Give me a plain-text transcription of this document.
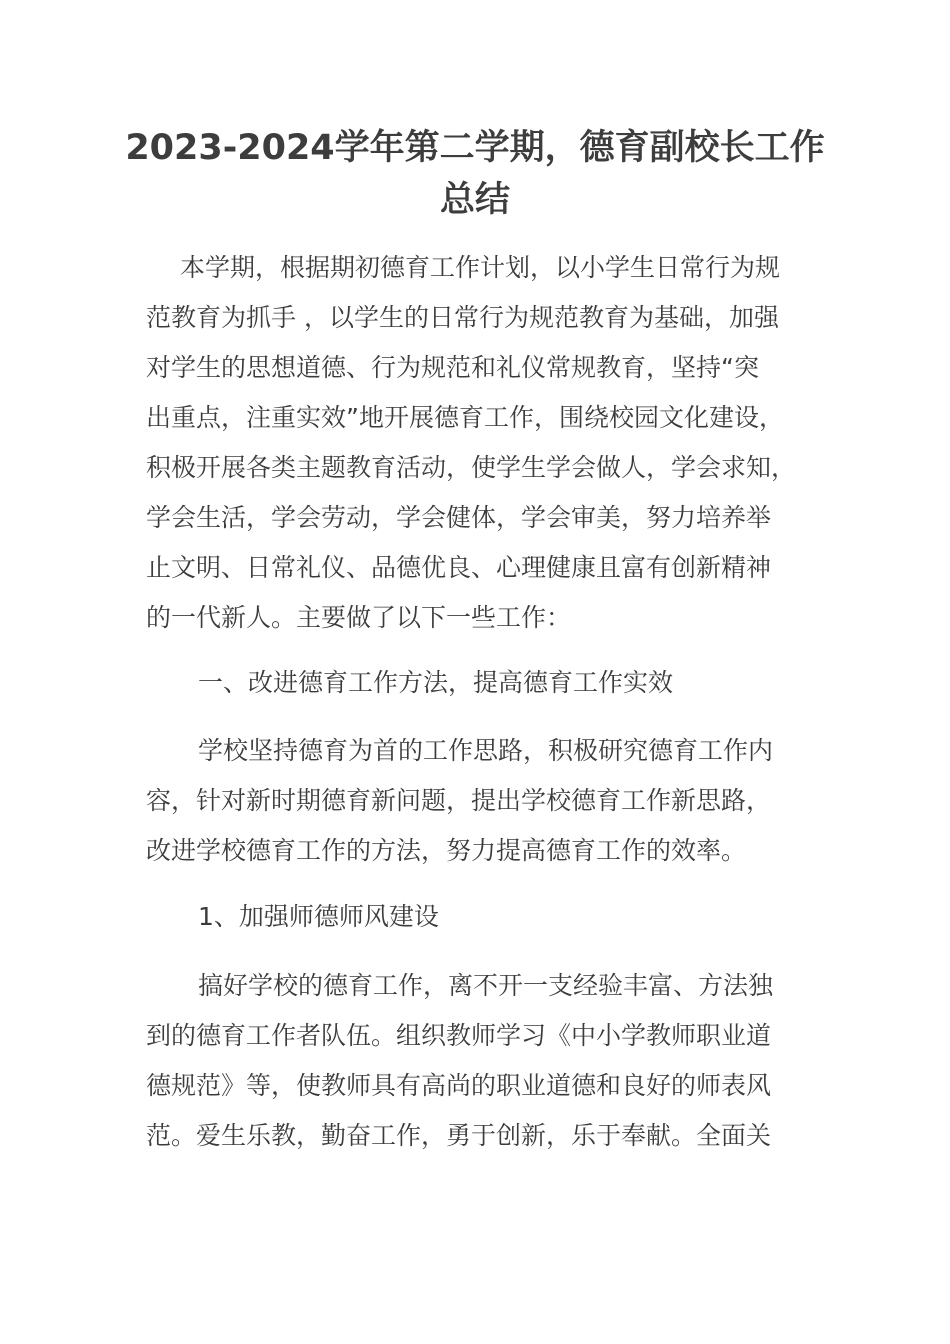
2023-2024学年第二学期，德育副校长工作
总结
本学期，根据期初德育工作计划，以小学生日常行为规
范教育为抓手 ，以学生的日常行为规范教育为基础，加强
对学生的思想道德、行为规范和礼仪常规教育，坚持“突
出重点，注重实效”地开展德育工作，围绕校园文化建设，
积极开展各类主题教育活动，使学生学会做人，学会求知，
学会生活，学会劳动，学会健体，学会审美，努力培养举
止文明、日常礼仪、品德优良、心理健康且富有创新精神
的一代新人。主要做了以下一些工作：
一、改进德育工作方法，提高德育工作实效
学校坚持德育为首的工作思路，积极研究德育工作内
容，针对新时期德育新问题，提出学校德育工作新思路，
改进学校德育工作的方法，努力提高德育工作的效率。
1、加强师德师风建设
搞好学校的德育工作，离不开一支经验丰富、方法独
到的德育工作者队伍。组织教师学习《中小学教师职业道
德规范》等，使教师具有高尚的职业道德和良好的师表风
范。爱生乐教，勤奋工作，勇于创新，乐于奉献。全面关
